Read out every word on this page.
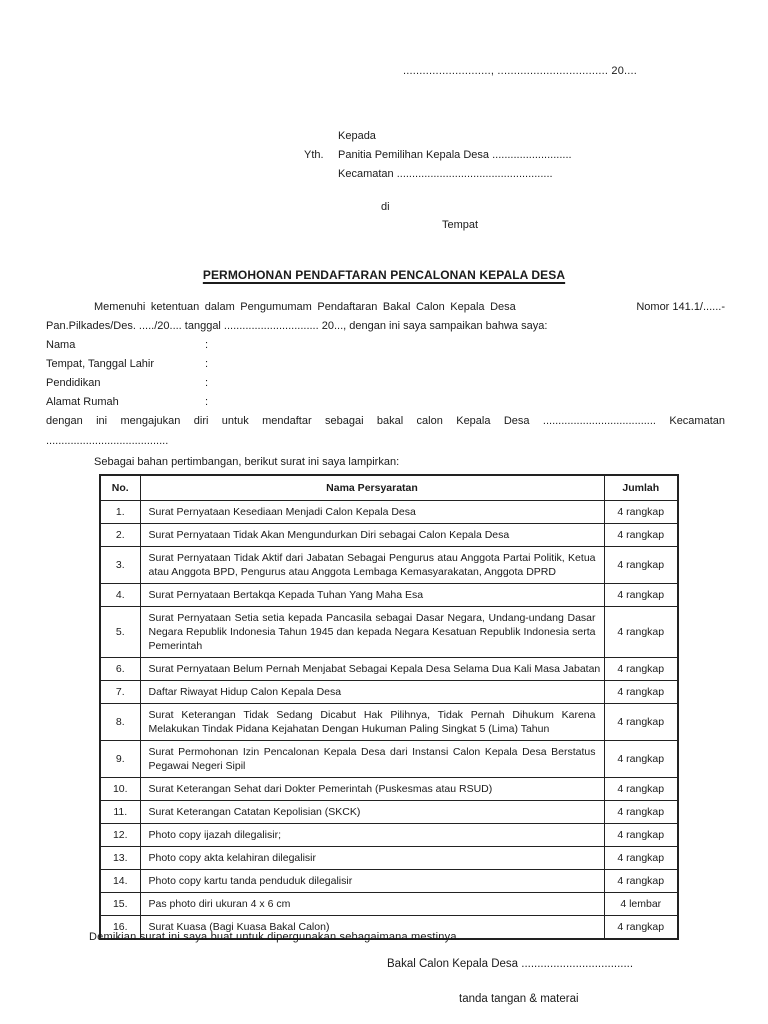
..........................., .................................. 20....
Kepada
Yth. Panitia Pemilihan Kepala Desa ..........................
Kecamatan ...................................................
di
Tempat
PERMOHONAN PENDAFTARAN PENCALONAN KEPALA DESA
Memenuhi ketentuan dalam Pengumumam Pendaftaran Bakal Calon Kepala Desa	Nomor 141.1/......-
Pan.Pilkades/Des. ...../20.... tanggal ............................... 20..., dengan ini saya sampaikan bahwa saya:
Nama	:
Tempat, Tanggal Lahir	:
Pendidikan	:
Alamat Rumah	:
dengan ini mengajukan diri untuk mendaftar sebagai bakal calon Kepala Desa ..................................... Kecamatan
........................................
Sebagai bahan pertimbangan, berikut surat ini saya lampirkan:
No.	Nama Persyaratan	Jumlah
1.	Surat Pernyataan Kesediaan Menjadi Calon Kepala Desa	4 rangkap
2.	Surat Pernyataan Tidak Akan Mengundurkan Diri sebagai Calon Kepala Desa	4 rangkap
3.	Surat Pernyataan Tidak Aktif dari Jabatan Sebagai Pengurus atau Anggota Partai Politik, Ketua atau Anggota BPD, Pengurus atau Anggota Lembaga Kemasyarakatan, Anggota DPRD	4 rangkap
4.	Surat Pernyataan Bertakqa Kepada Tuhan Yang Maha Esa	4 rangkap
5.	Surat Pernyataan Setia setia kepada Pancasila sebagai Dasar Negara, Undang-undang Dasar Negara Republik Indonesia Tahun 1945 dan kepada Negara Kesatuan Republik Indonesia serta Pemerintah	4 rangkap
6.	Surat Pernyataan Belum Pernah Menjabat Sebagai Kepala Desa Selama Dua Kali Masa Jabatan	4 rangkap
7.	Daftar Riwayat Hidup Calon Kepala Desa	4 rangkap
8.	Surat Keterangan Tidak Sedang Dicabut Hak Pilihnya, Tidak Pernah Dihukum Karena Melakukan Tindak Pidana Kejahatan Dengan Hukuman Paling Singkat 5 (Lima) Tahun	4 rangkap
9.	Surat Permohonan Izin Pencalonan Kepala Desa dari Instansi Calon Kepala Desa Berstatus Pegawai Negeri Sipil	4 rangkap
10.	Surat Keterangan Sehat dari Dokter Pemerintah (Puskesmas atau RSUD)	4 rangkap
11.	Surat Keterangan Catatan Kepolisian (SKCK)	4 rangkap
12.	Photo copy ijazah dilegalisir;	4 rangkap
13.	Photo copy akta kelahiran dilegalisir	4 rangkap
14.	Photo copy kartu tanda penduduk dilegalisir	4 rangkap
15.	Pas photo diri ukuran 4 x 6 cm	4 lembar
16.	Surat Kuasa (Bagi Kuasa Bakal Calon)	4 rangkap
Demikian surat ini saya buat untuk dipergunakan sebagaimana mestinya.
Bakal Calon Kepala Desa ...................................
tanda tangan & materai
